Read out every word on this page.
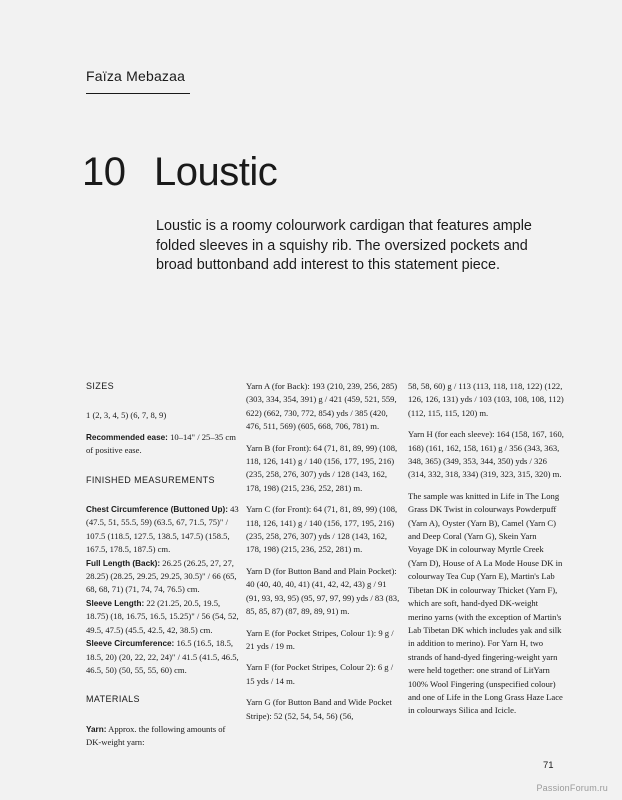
Faïza Mebazaa
10 Loustic

Loustic is a roomy colourwork cardigan that features ample folded sleeves in a squishy rib. The oversized pockets and broad buttonband add interest to this statement piece.

SIZES

1 (2, 3, 4, 5) (6, 7, 8, 9)

Recommended ease: 10–14" / 25–35 cm of positive ease.

FINISHED MEASUREMENTS

Chest Circumference (Buttoned Up): 43 (47.5, 51, 55.5, 59) (63.5, 67, 71.5, 75)" / 107.5 (118.5, 127.5, 138.5, 147.5) (158.5, 167.5, 178.5, 187.5) cm.

Full Length (Back): 26.25 (26.25, 27, 27, 28.25) (28.25, 29.25, 29.25, 30.5)" / 66 (65, 68, 68, 71) (71, 74, 74, 76.5) cm.

Sleeve Length: 22 (21.25, 20.5, 19.5, 18.75) (18, 16.75, 16.5, 15.25)" / 56 (54, 52, 49.5, 47.5) (45.5, 42.5, 42, 38.5) cm.

Sleeve Circumference: 16.5 (16.5, 18.5, 18.5, 20) (20, 22, 22, 24)" / 41.5 (41.5, 46.5, 46.5, 50) (50, 55, 55, 60) cm.

MATERIALS

Yarn: Approx. the following amounts of DK-weight yarn:

Yarn A (for Back): 193 (210, 239, 256, 285) (303, 334, 354, 391) g / 421 (459, 521, 559, 622) (662, 730, 772, 854) yds / 385 (420, 476, 511, 569) (605, 668, 706, 781) m.

Yarn B (for Front): 64 (71, 81, 89, 99) (108, 118, 126, 141) g / 140 (156, 177, 195, 216) (235, 258, 276, 307) yds / 128 (143, 162, 178, 198) (215, 236, 252, 281) m.

Yarn C (for Front): 64 (71, 81, 89, 99) (108, 118, 126, 141) g / 140 (156, 177, 195, 216) (235, 258, 276, 307) yds / 128 (143, 162, 178, 198) (215, 236, 252, 281) m.

Yarn D (for Button Band and Plain Pocket): 40 (40, 40, 40, 41) (41, 42, 42, 43) g / 91 (91, 93, 93, 95) (95, 97, 97, 99) yds / 83 (83, 85, 85, 87) (87, 89, 89, 91) m.

Yarn E (for Pocket Stripes, Colour 1): 9 g / 21 yds / 19 m.

Yarn F (for Pocket Stripes, Colour 2): 6 g / 15 yds / 14 m.

Yarn G (for Button Band and Wide Pocket Stripe): 52 (52, 54, 54, 56) (56,

58, 58, 60) g / 113 (113, 118, 118, 122) (122, 126, 126, 131) yds / 103 (103, 108, 108, 112) (112, 115, 115, 120) m.

Yarn H (for each sleeve): 164 (158, 167, 160, 168) (161, 162, 158, 161) g / 356 (343, 363, 348, 365) (349, 353, 344, 350) yds / 326 (314, 332, 318, 334) (319, 323, 315, 320) m.

The sample was knitted in Life in The Long Grass DK Twist in colourways Powderpuff (Yarn A), Oyster (Yarn B), Camel (Yarn C) and Deep Coral (Yarn G), Skein Yarn Voyage DK in colourway Myrtle Creek (Yarn D), House of A La Mode House DK in colourway Tea Cup (Yarn E), Martin's Lab Tibetan DK in colourway Thicket (Yarn F), which are soft, hand-dyed DK-weight merino yarns (with the exception of Martin's Lab Tibetan DK which includes yak and silk in addition to merino). For Yarn H, two strands of hand-dyed fingering-weight yarn were held together: one strand of LitYarn 100% Wool Fingering (unspecified colour) and one of Life in the Long Grass Haze Lace in colourways Silica and Icicle.

71
PassionForum.ru
